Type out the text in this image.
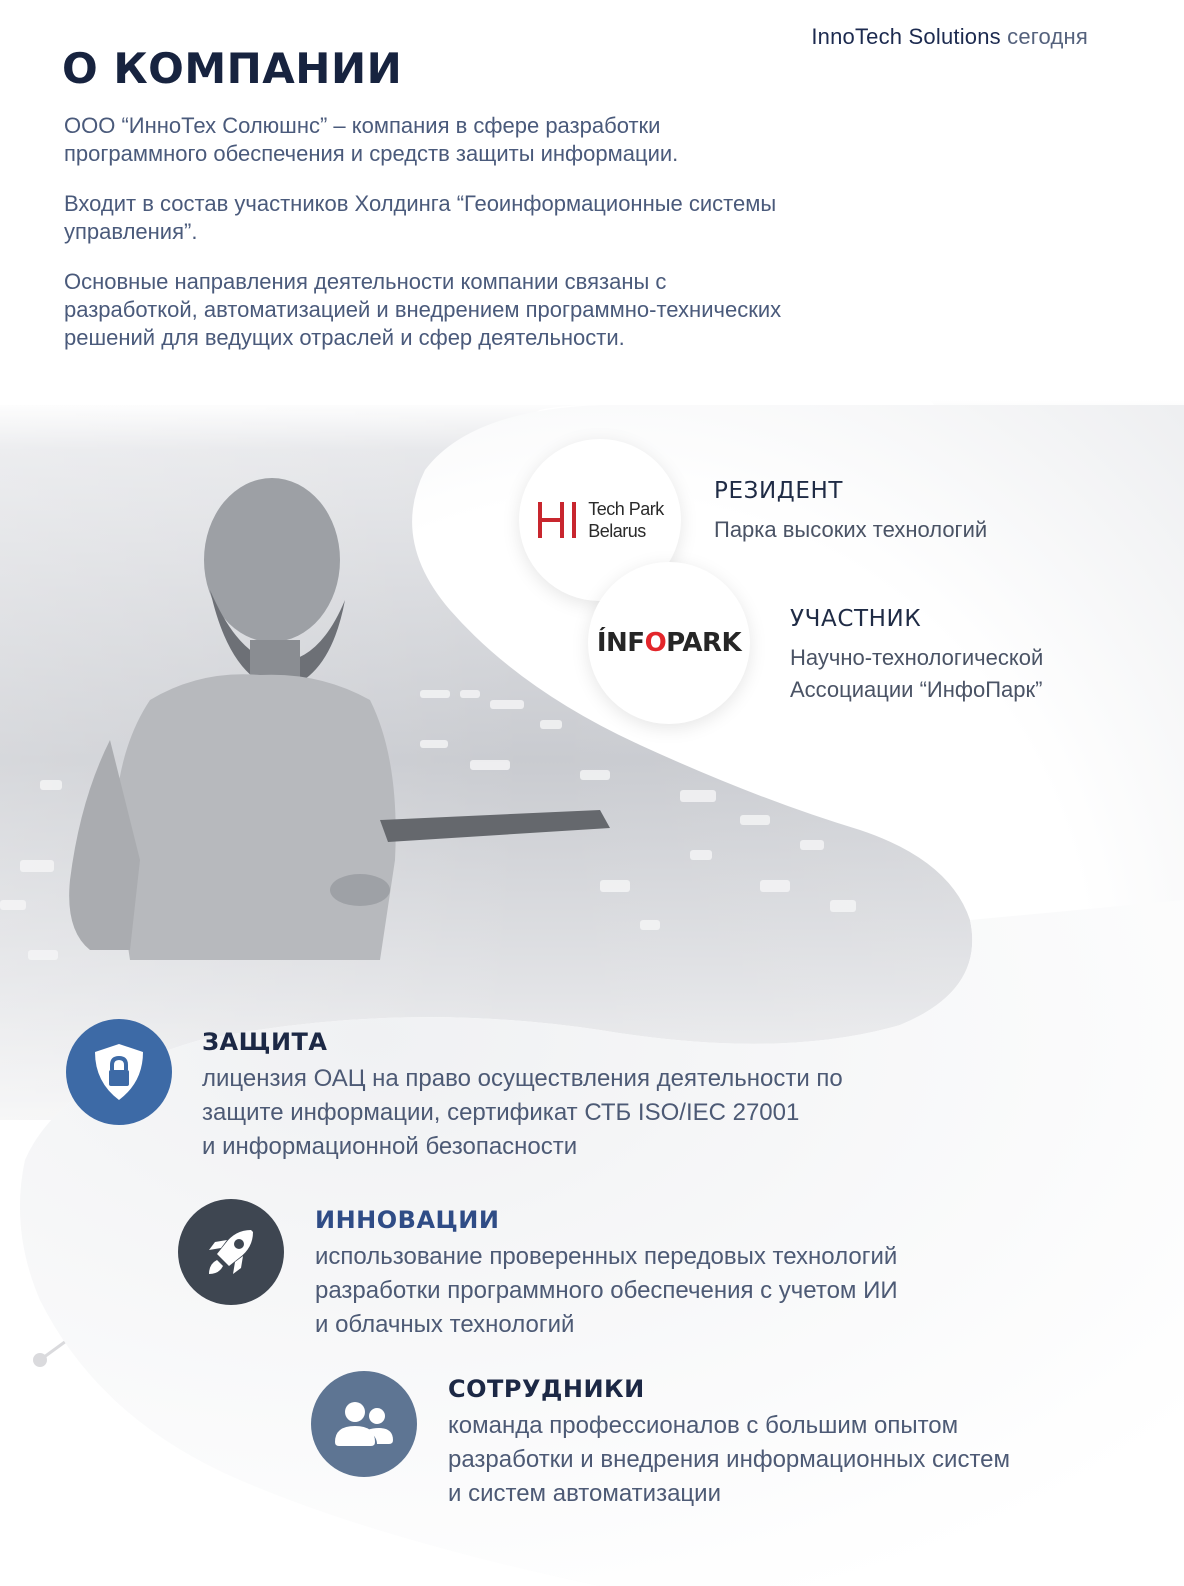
InnoTech Solutions сегодня
О КОМПАНИИ

ООО “ИнноТех Солюшнс” – компания в сфере разработки программного обеспечения и средств защиты информации.

Входит в состав участников Холдинга “Геоинформационные системы управления”.

Основные направления деятельности компании связаны с разработкой, автоматизацией и внедрением программно-технических решений для ведущих отраслей и сфер деятельности.

Tech Park
Belarus
РЕЗИДЕНТ
Парка высоких технологий
ÍNFOPARK
УЧАСТНИК
Научно-технологической
Ассоциации “ИнфоПарк”
ЗАЩИТА
лицензия ОАЦ на право осуществления деятельности по
защите информации, сертификат СТБ ISO/IEC 27001
и информационной безопасности
ИННОВАЦИИ
использование проверенных передовых технологий
разработки программного обеспечения с учетом ИИ
и облачных технологий
СОТРУДНИКИ
команда профессионалов с большим опытом
разработки и внедрения информационных систем
и систем автоматизации
